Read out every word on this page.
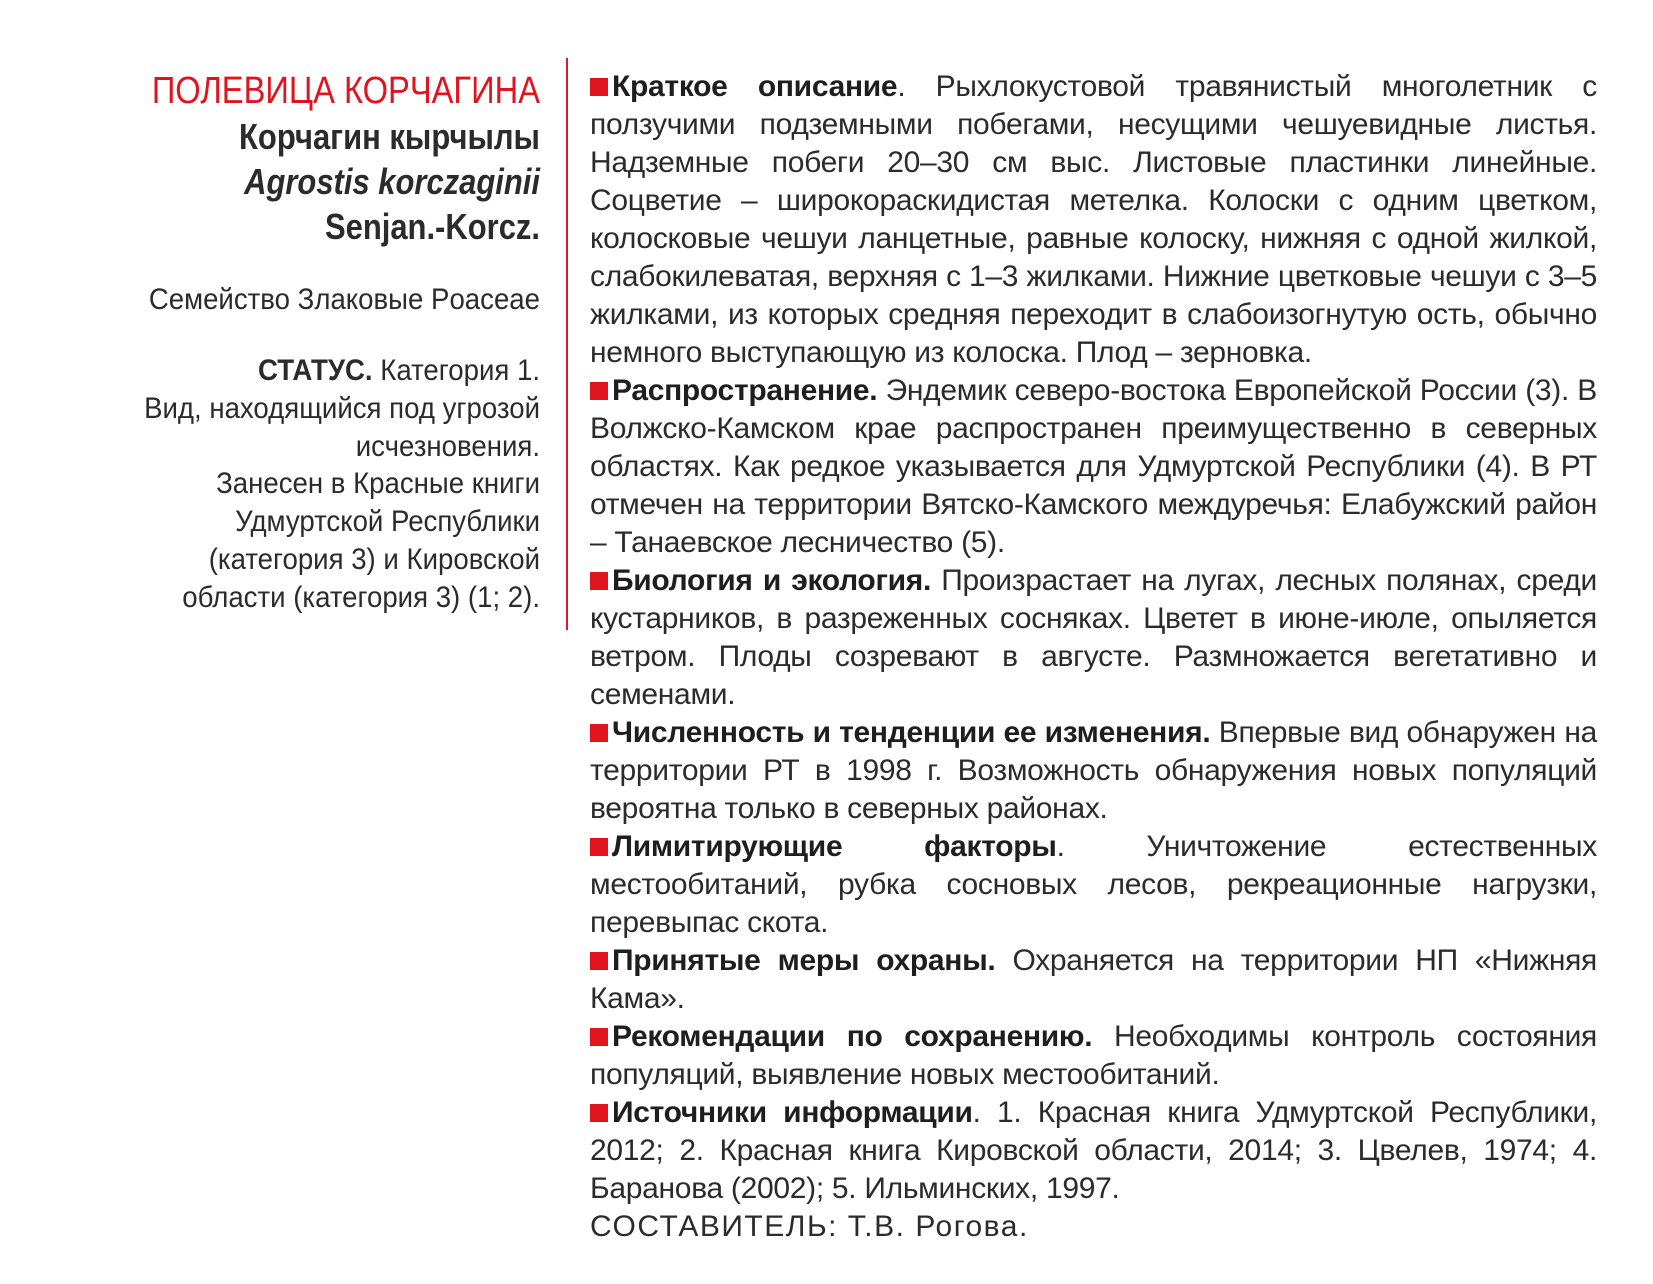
ПОЛЕВИЦА КОРЧАГИНА
Корчагин кырчылы
Agrostis korczaginii
Senjan.-Korcz.
Семейство Злаковые Poaceae
СТАТУС. Категория 1.
Вид, находящийся под угрозой
исчезновения.
Занесен в Красные книги
Удмуртской Республики
(категория 3) и Кировской
области (категория 3) (1; 2).

Краткое описание. Рыхлокустовой травянистый многолетник с ползучими подземными побегами, несущими чешуевидные листья. Надземные побеги 20–30 см выс. Листовые пластинки линейные. Соцветие – широкораскидистая метелка. Колоски с одним цветком, колосковые чешуи ланцетные, равные колоску, нижняя с одной жилкой, слабокилеватая, верхняя с 1–3 жилками. Нижние цветковые чешуи с 3–5 жилками, из которых средняя переходит в слабоизогнутую ость, обычно немного выступающую из колоска. Плод – зерновка.

Распространение. Эндемик северо-востока Европейской России (3). В Волжско-Камском крае распространен преимущественно в северных областях. Как редкое указывается для Удмуртской Республики (4). В РТ отмечен на территории Вятско-Камского междуречья: Елабужский район – Танаевское лесничество (5).

Биология и экология. Произрастает на лугах, лесных полянах, среди кустарников, в разреженных сосняках. Цветет в июне-июле, опыляется ветром. Плоды созревают в августе. Размножается вегетативно и семенами.

Численность и тенденции ее изменения. Впервые вид обнаружен на территории РТ в 1998 г. Возможность обнаружения новых популяций вероятна только в северных районах.

Лимитирующие факторы. Уничтожение естественных местообитаний, рубка сосновых лесов, рекреационные нагрузки, перевыпас скота.

Принятые меры охраны. Охраняется на территории НП «Нижняя Кама».

Рекомендации по сохранению. Необходимы контроль состояния популяций, выявление новых местообитаний.

Источники информации. 1. Красная книга Удмуртской Республики, 2012; 2. Красная книга Кировской области, 2014; 3. Цвелев, 1974; 4. Баранова (2002); 5. Ильминских, 1997.

СОСТАВИТЕЛЬ: Т.В. Рогова.
